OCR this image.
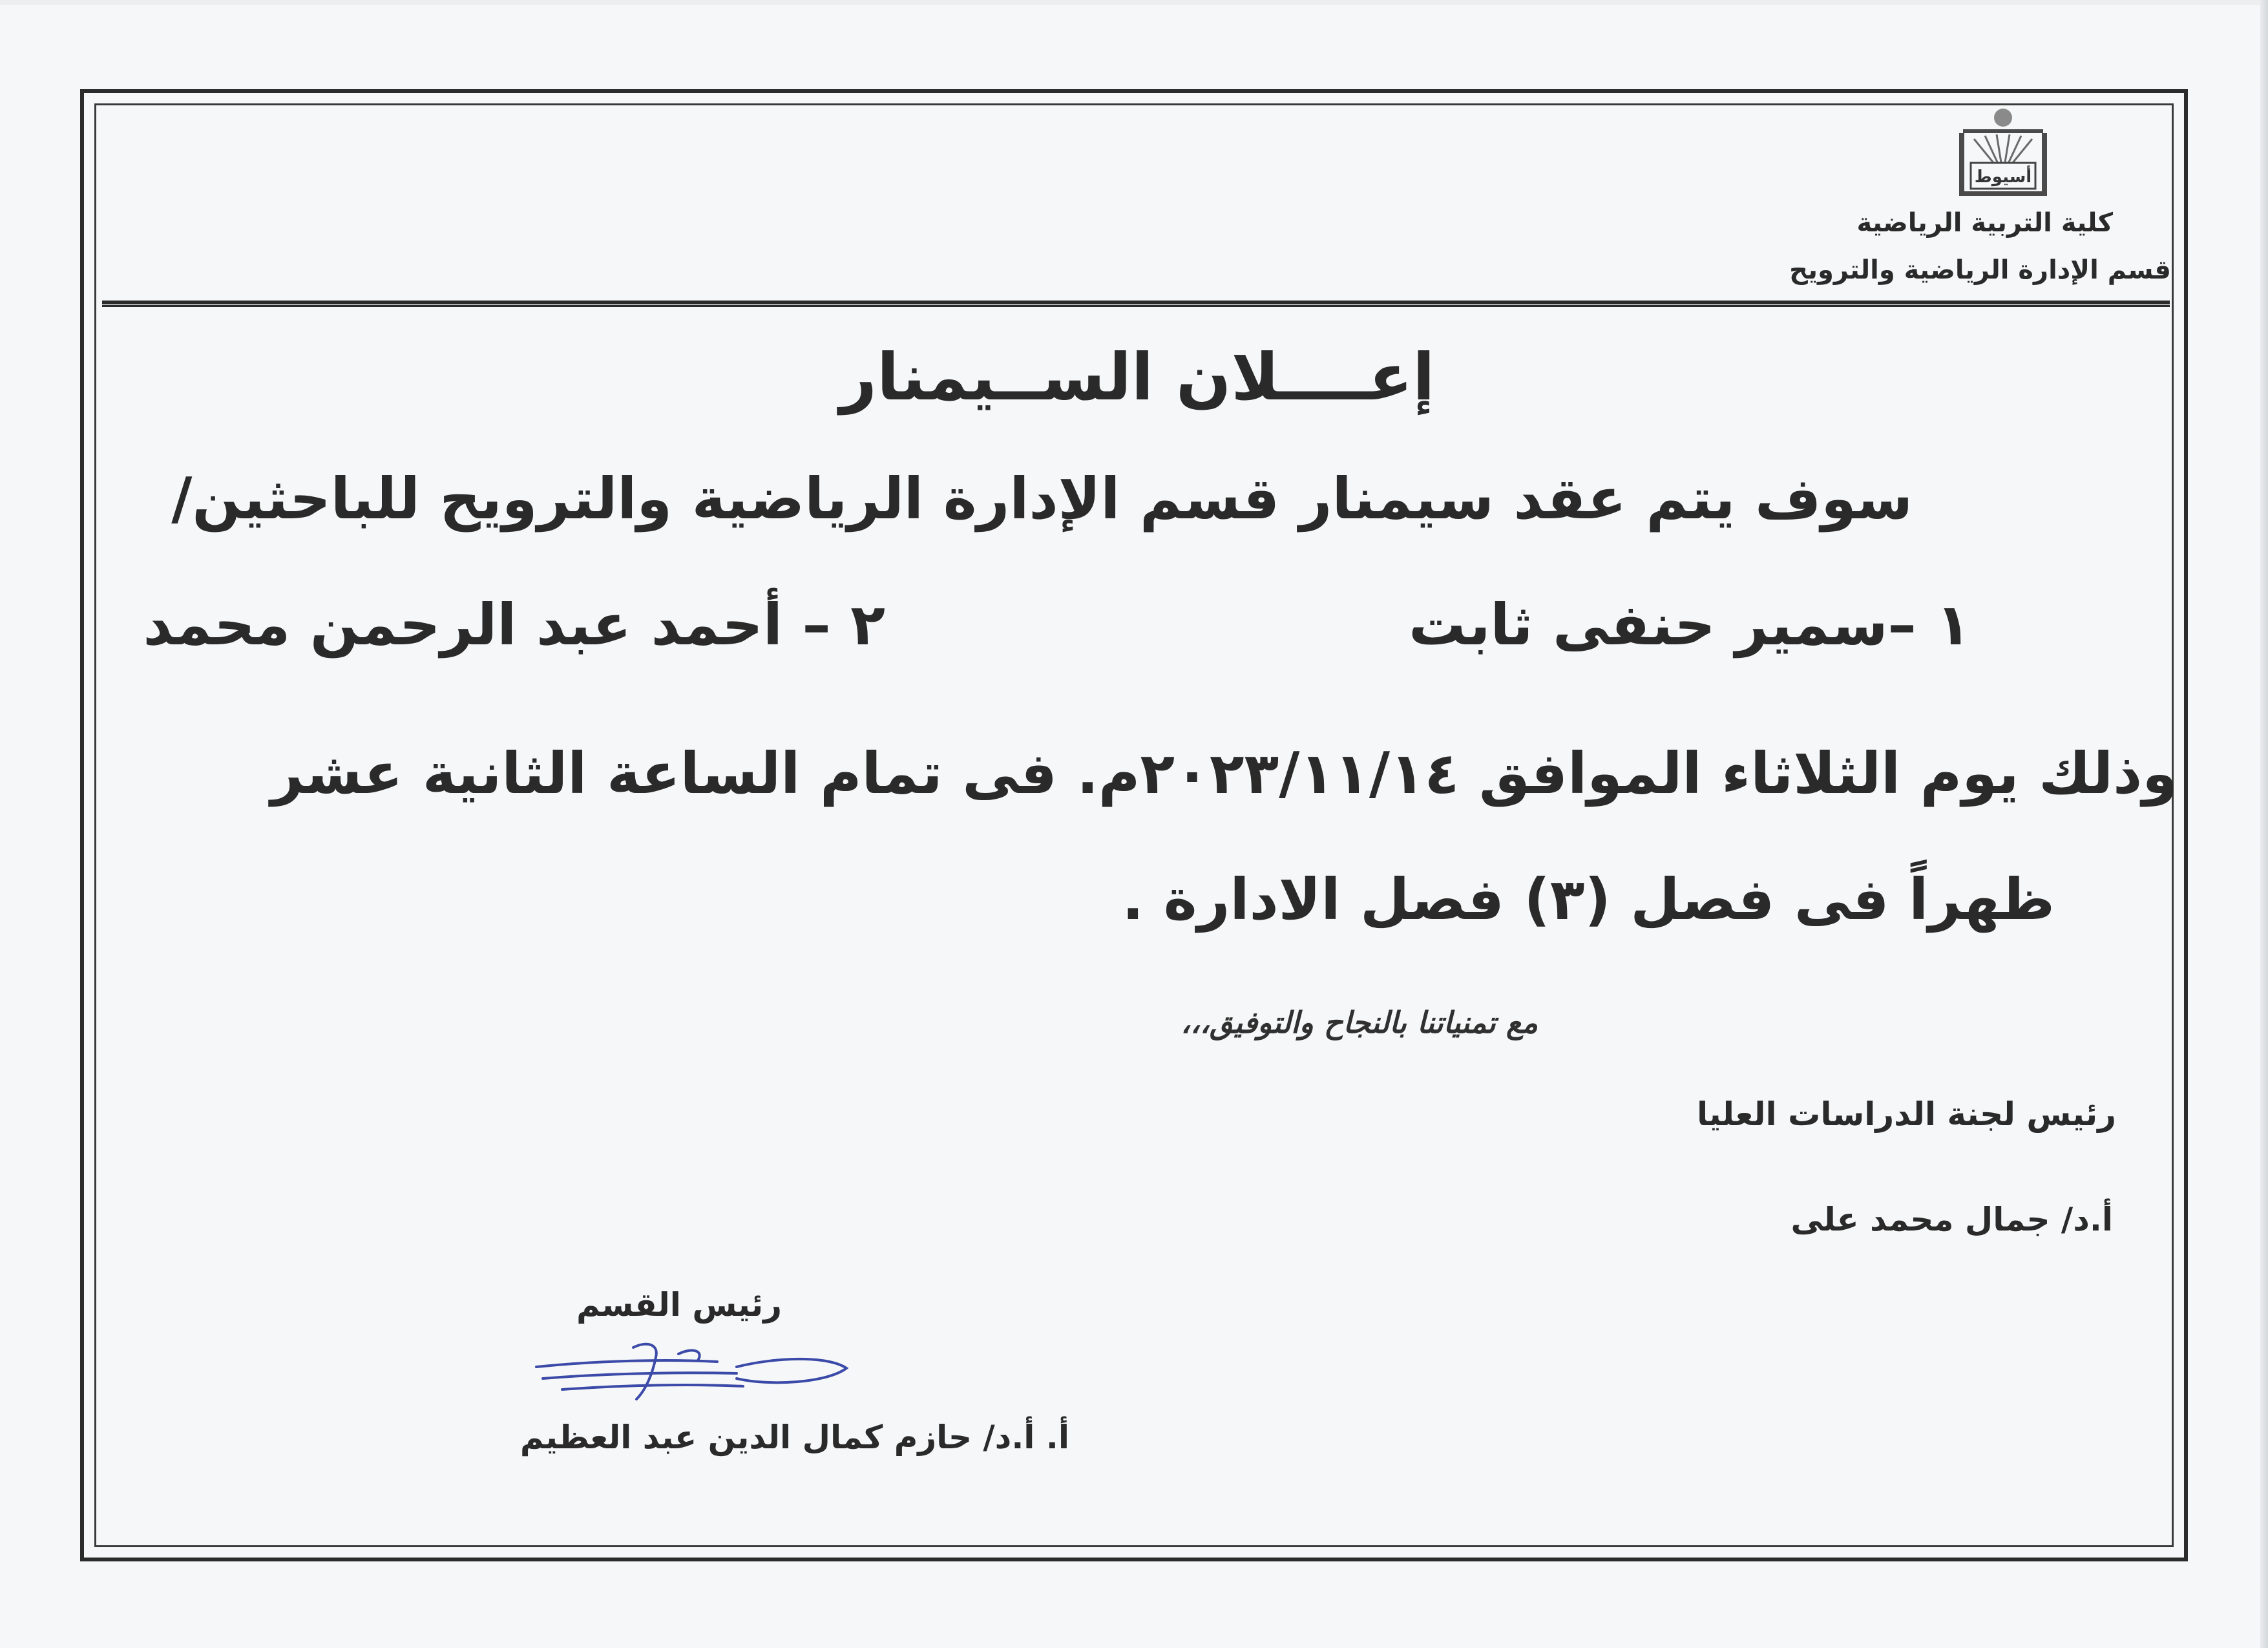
أسيوط
كلية التربية الرياضية
قسم الإدارة الرياضية والترويح
إعــــلان الســيمنار
سوف يتم عقد سيمنار قسم الإدارة الرياضية والترويح للباحثين/
١ –سمير حنفى ثابت
٢ – أحمد عبد الرحمن محمد
وذلك يوم الثلاثاء الموافق ٢٠٢٣/١١/١٤م. فى تمام الساعة الثانية عشر
ظهراً فى فصل (٣) فصل الادارة .
مع تمنياتنا بالنجاح والتوفيق،،،
رئيس لجنة الدراسات العليا
أ.د/ جمال محمد على
رئيس القسم
أ. أ.د/ حازم كمال الدين عبد العظيم
